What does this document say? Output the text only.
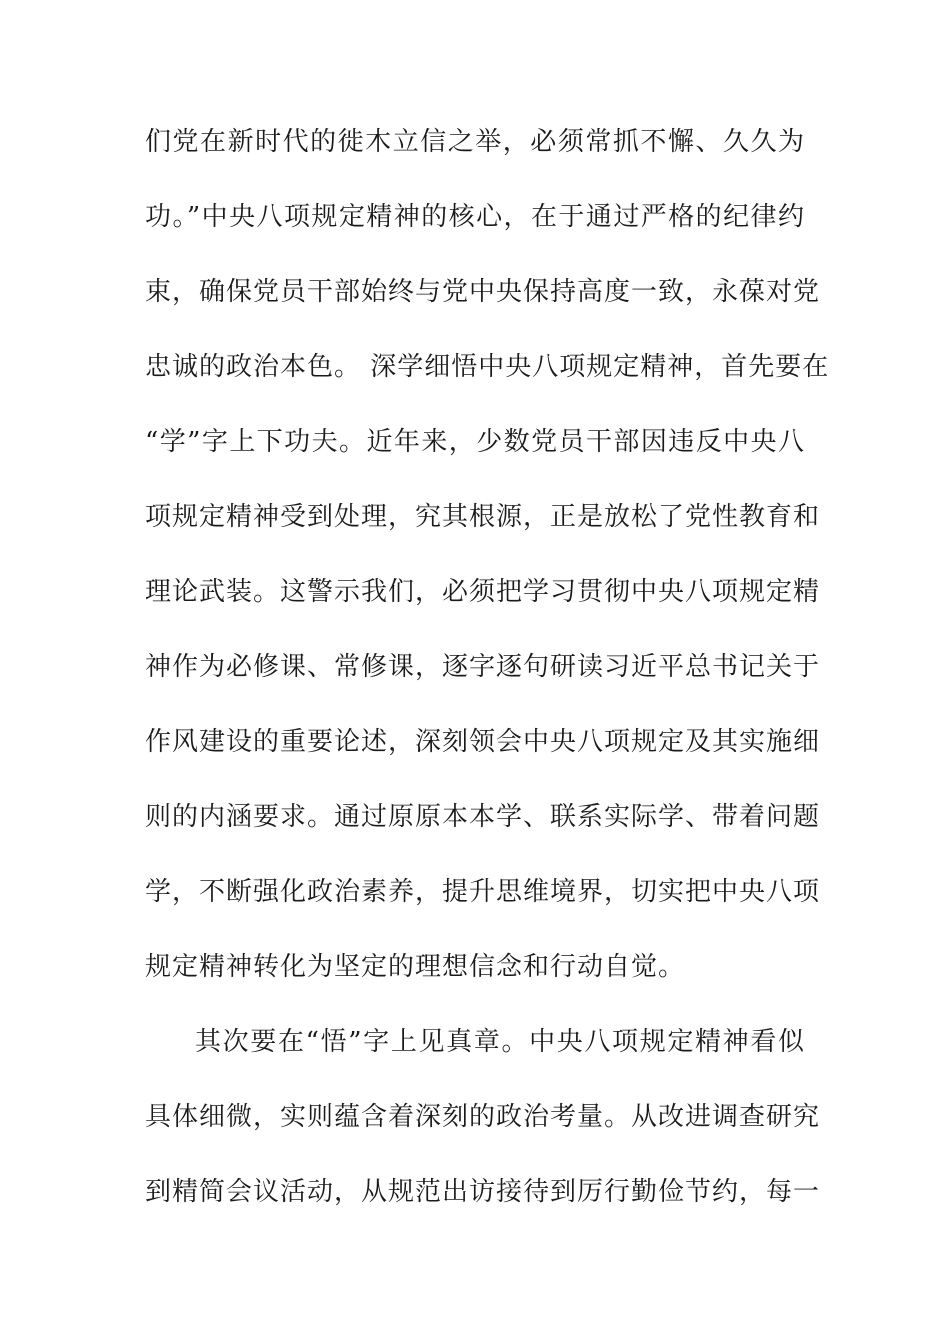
们党在新时代的徙木立信之举，必须常抓不懈、久久为
功。”中央八项规定精神的核心，在于通过严格的纪律约
束，确保党员干部始终与党中央保持高度一致，永葆对党
忠诚的政治本色。 深学细悟中央八项规定精神，首先要在
“学”字上下功夫。近年来，少数党员干部因违反中央八
项规定精神受到处理，究其根源，正是放松了党性教育和
理论武装。这警示我们，必须把学习贯彻中央八项规定精
神作为必修课、常修课，逐字逐句研读习近平总书记关于
作风建设的重要论述，深刻领会中央八项规定及其实施细
则的内涵要求。通过原原本本学、联系实际学、带着问题
学，不断强化政治素养，提升思维境界，切实把中央八项
规定精神转化为坚定的理想信念和行动自觉。
其次要在“悟”字上见真章。中央八项规定精神看似
具体细微，实则蕴含着深刻的政治考量。从改进调查研究
到精简会议活动，从规范出访接待到厉行勤俭节约，每一
